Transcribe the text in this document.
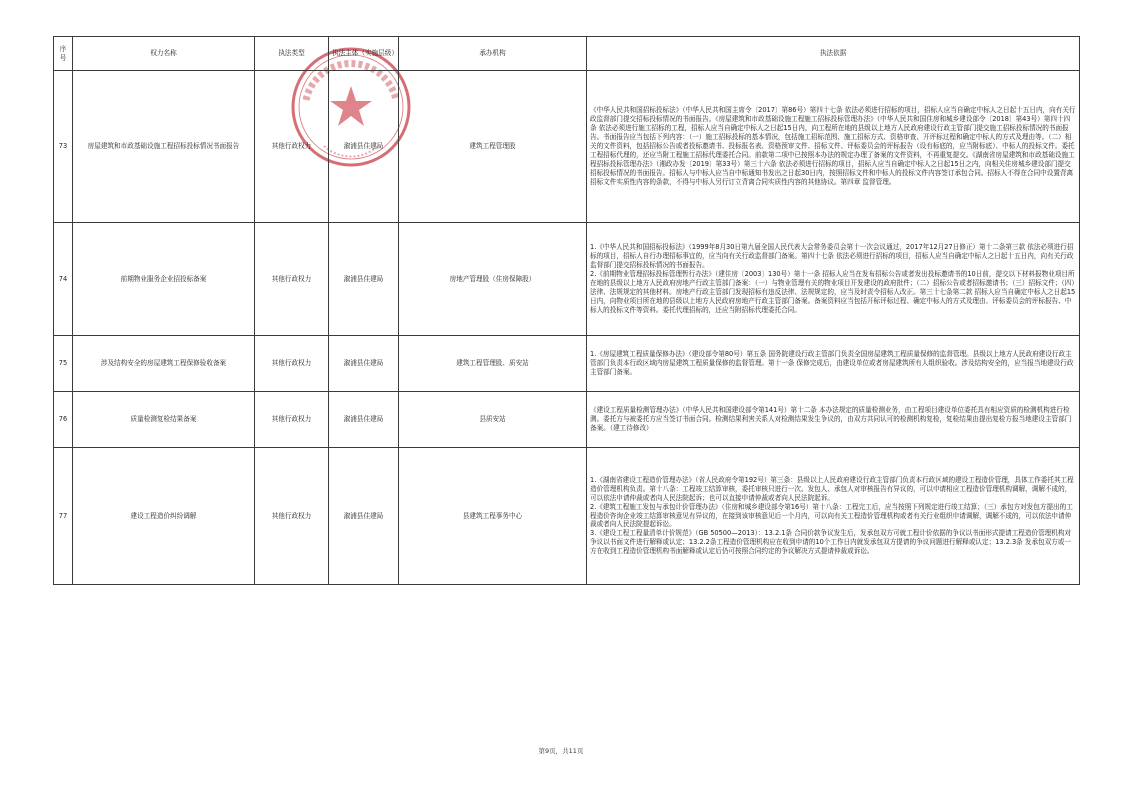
序号	权力名称	执法类型	执法主体（实施层级）	承办机构	执法依据
73	房屋建筑和市政基础设施工程招标投标情况书面报告	其他行政权力	溆浦县住建局	建筑工程管理股	《中华人民共和国招标投标法》（中华人民共和国主席令〔2017〕第86号）第四十七条 依法必须进行招标的项目，招标人应当自确定中标人之日起十五日内，向有关行政监督部门提交招标投标情况的书面报告。《房屋建筑和市政基础设施工程施工招标投标管理办法》（中华人民共和国住房和城乡建设部令〔2018〕第43号）第四十四条 依法必须进行施工招标的工程，招标人应当自确定中标人之日起15日内，向工程所在地的县级以上地方人民政府建设行政主管部门提交施工招标投标情况的书面报告。书面报告应当包括下列内容：（一）施工招标投标的基本情况，包括施工招标范围、施工招标方式、资格审查、开评标过程和确定中标人的方式及理由等。（二）相关的文件资料，包括招标公告或者投标邀请书、投标报名表、资格预审文件、招标文件、评标委员会的评标报告（设有标底的，应当附标底）、中标人的投标文件。委托工程招标代理的，还应当附工程施工招标代理委托合同。前款第二项中已按照本办法的规定办理了备案的文件资料，不再重复提交。《湖南省房屋建筑和市政基础设施工程招标投标管理办法》（湘政办发〔2019〕第33号）第三十六条 依法必须进行招标的项目，招标人应当自确定中标人之日起15日之内，向相关住房城乡建设部门提交招标投标情况的书面报告。招标人与中标人应当自中标通知书发出之日起30日内，按照招标文件和中标人的投标文件内容签订承包合同。招标人不得在合同中设置背离招标文件实质性内容的条款，不得与中标人另行订立背离合同实质性内容的其他协议。第四章 监督管理。

74	前期物业服务企业招投标备案	其他行政权力	溆浦县住建局	房地产管理股（住房保障股）	1.《中华人民共和国招标投标法》（1999年8月30日第九届全国人民代表大会常务委员会第十一次会议通过，2017年12月27日修正）第十二条第三款 依法必须进行招标的项目，招标人自行办理招标事宜的，应当向有关行政监督部门备案。第四十七条 依法必须进行招标的项目，招标人应当自确定中标人之日起十五日内，向有关行政监督部门提交招标投标情况的书面报告。

2.《前期物业管理招标投标管理暂行办法》（建住房〔2003〕130号）第十一条 招标人应当在发布招标公告或者发出投标邀请书的10日前，提交以下材料报物业项目所在地的县级以上地方人民政府房地产行政主管部门备案：（一）与物业管理有关的物业项目开发建设的政府批件；（二）招标公告或者招标邀请书；（三）招标文件；（四）法律、法规规定的其他材料。房地产行政主管部门发现招标有违反法律、法规规定的，应当及时责令招标人改正。第三十七条第二款 招标人应当自确定中标人之日起15日内，向物业项目所在地的县级以上地方人民政府房地产行政主管部门备案。备案资料应当包括开标评标过程、确定中标人的方式及理由、评标委员会的评标报告、中标人的投标文件等资料。委托代理招标的，还应当附招标代理委托合同。

75	涉及结构安全的房屋建筑工程保修验收备案	其他行政权力	溆浦县住建局	建筑工程管理股、质安站	1.《房屋建筑工程质量保修办法》（建设部令第80号）第五条 国务院建设行政主管部门负责全国房屋建筑工程质量保修的监督管理。县级以上地方人民政府建设行政主管部门负责本行政区域内房屋建筑工程质量保修的监督管理。第十一条 保修完成后，由建设单位或者房屋建筑所有人组织验收。涉及结构安全的，应当报当地建设行政主管部门备案。

76	质量检测复检结果备案	其他行政权力	溆浦县住建局	县质安站	《建设工程质量检测管理办法》（中华人民共和国建设部令第141号）第十二条 本办法规定的质量检测业务，由工程项目建设单位委托具有相应资质的检测机构进行检测。委托方与被委托方应当签订书面合同。检测结果利害关系人对检测结果发生争议的，由双方共同认可的检测机构复检，复检结果由提出复检方报当地建设主管部门备案。（建工待修改）

77	建设工程造价纠纷调解	其他行政权力	溆浦县住建局	县建筑工程事务中心	1.《湖南省建设工程造价管理办法》（省人民政府令第192号）第三条：县级以上人民政府建设行政主管部门负责本行政区域的建设工程造价管理，具体工作委托其工程造价管理机构负责。第十八条：工程竣工结算审核，委托审核只进行一次。发包人、承包人对审核报告有异议的，可以申请相应工程造价管理机构调解，调解不成的，可以依法申请仲裁或者向人民法院起诉；也可以直接申请仲裁或者向人民法院起诉。

2.《建筑工程施工发包与承包计价管理办法》（住房和城乡建设部令第16号）第十八条：工程完工后，应当按照下列规定进行竣工结算；（三）承包方对发包方提出的工程造价咨询企业竣工结算审核意见有异议的，在接到该审核意见后一个月内，可以向有关工程造价管理机构或者有关行业组织申请调解，调解不成的，可以依法申请仲裁或者向人民法院提起诉讼。

3.《建设工程工程量清单计价规范》（GB 50500—2013）：13.2.1条 合同价款争议发生后，发承包双方可就工程计价依据的争议以书面形式提请工程造价管理机构对争议以书面文件进行解释或认定；13.2.2条工程造价管理机构应在收到申请的10个工作日内就发承包双方提请的争议问题进行解释或认定；13.2.3条 发承包双方或一方在收到工程造价管理机构书面解释或认定后仍可按照合同约定的争议解决方式提请仲裁或诉讼。

第9页，共11页
